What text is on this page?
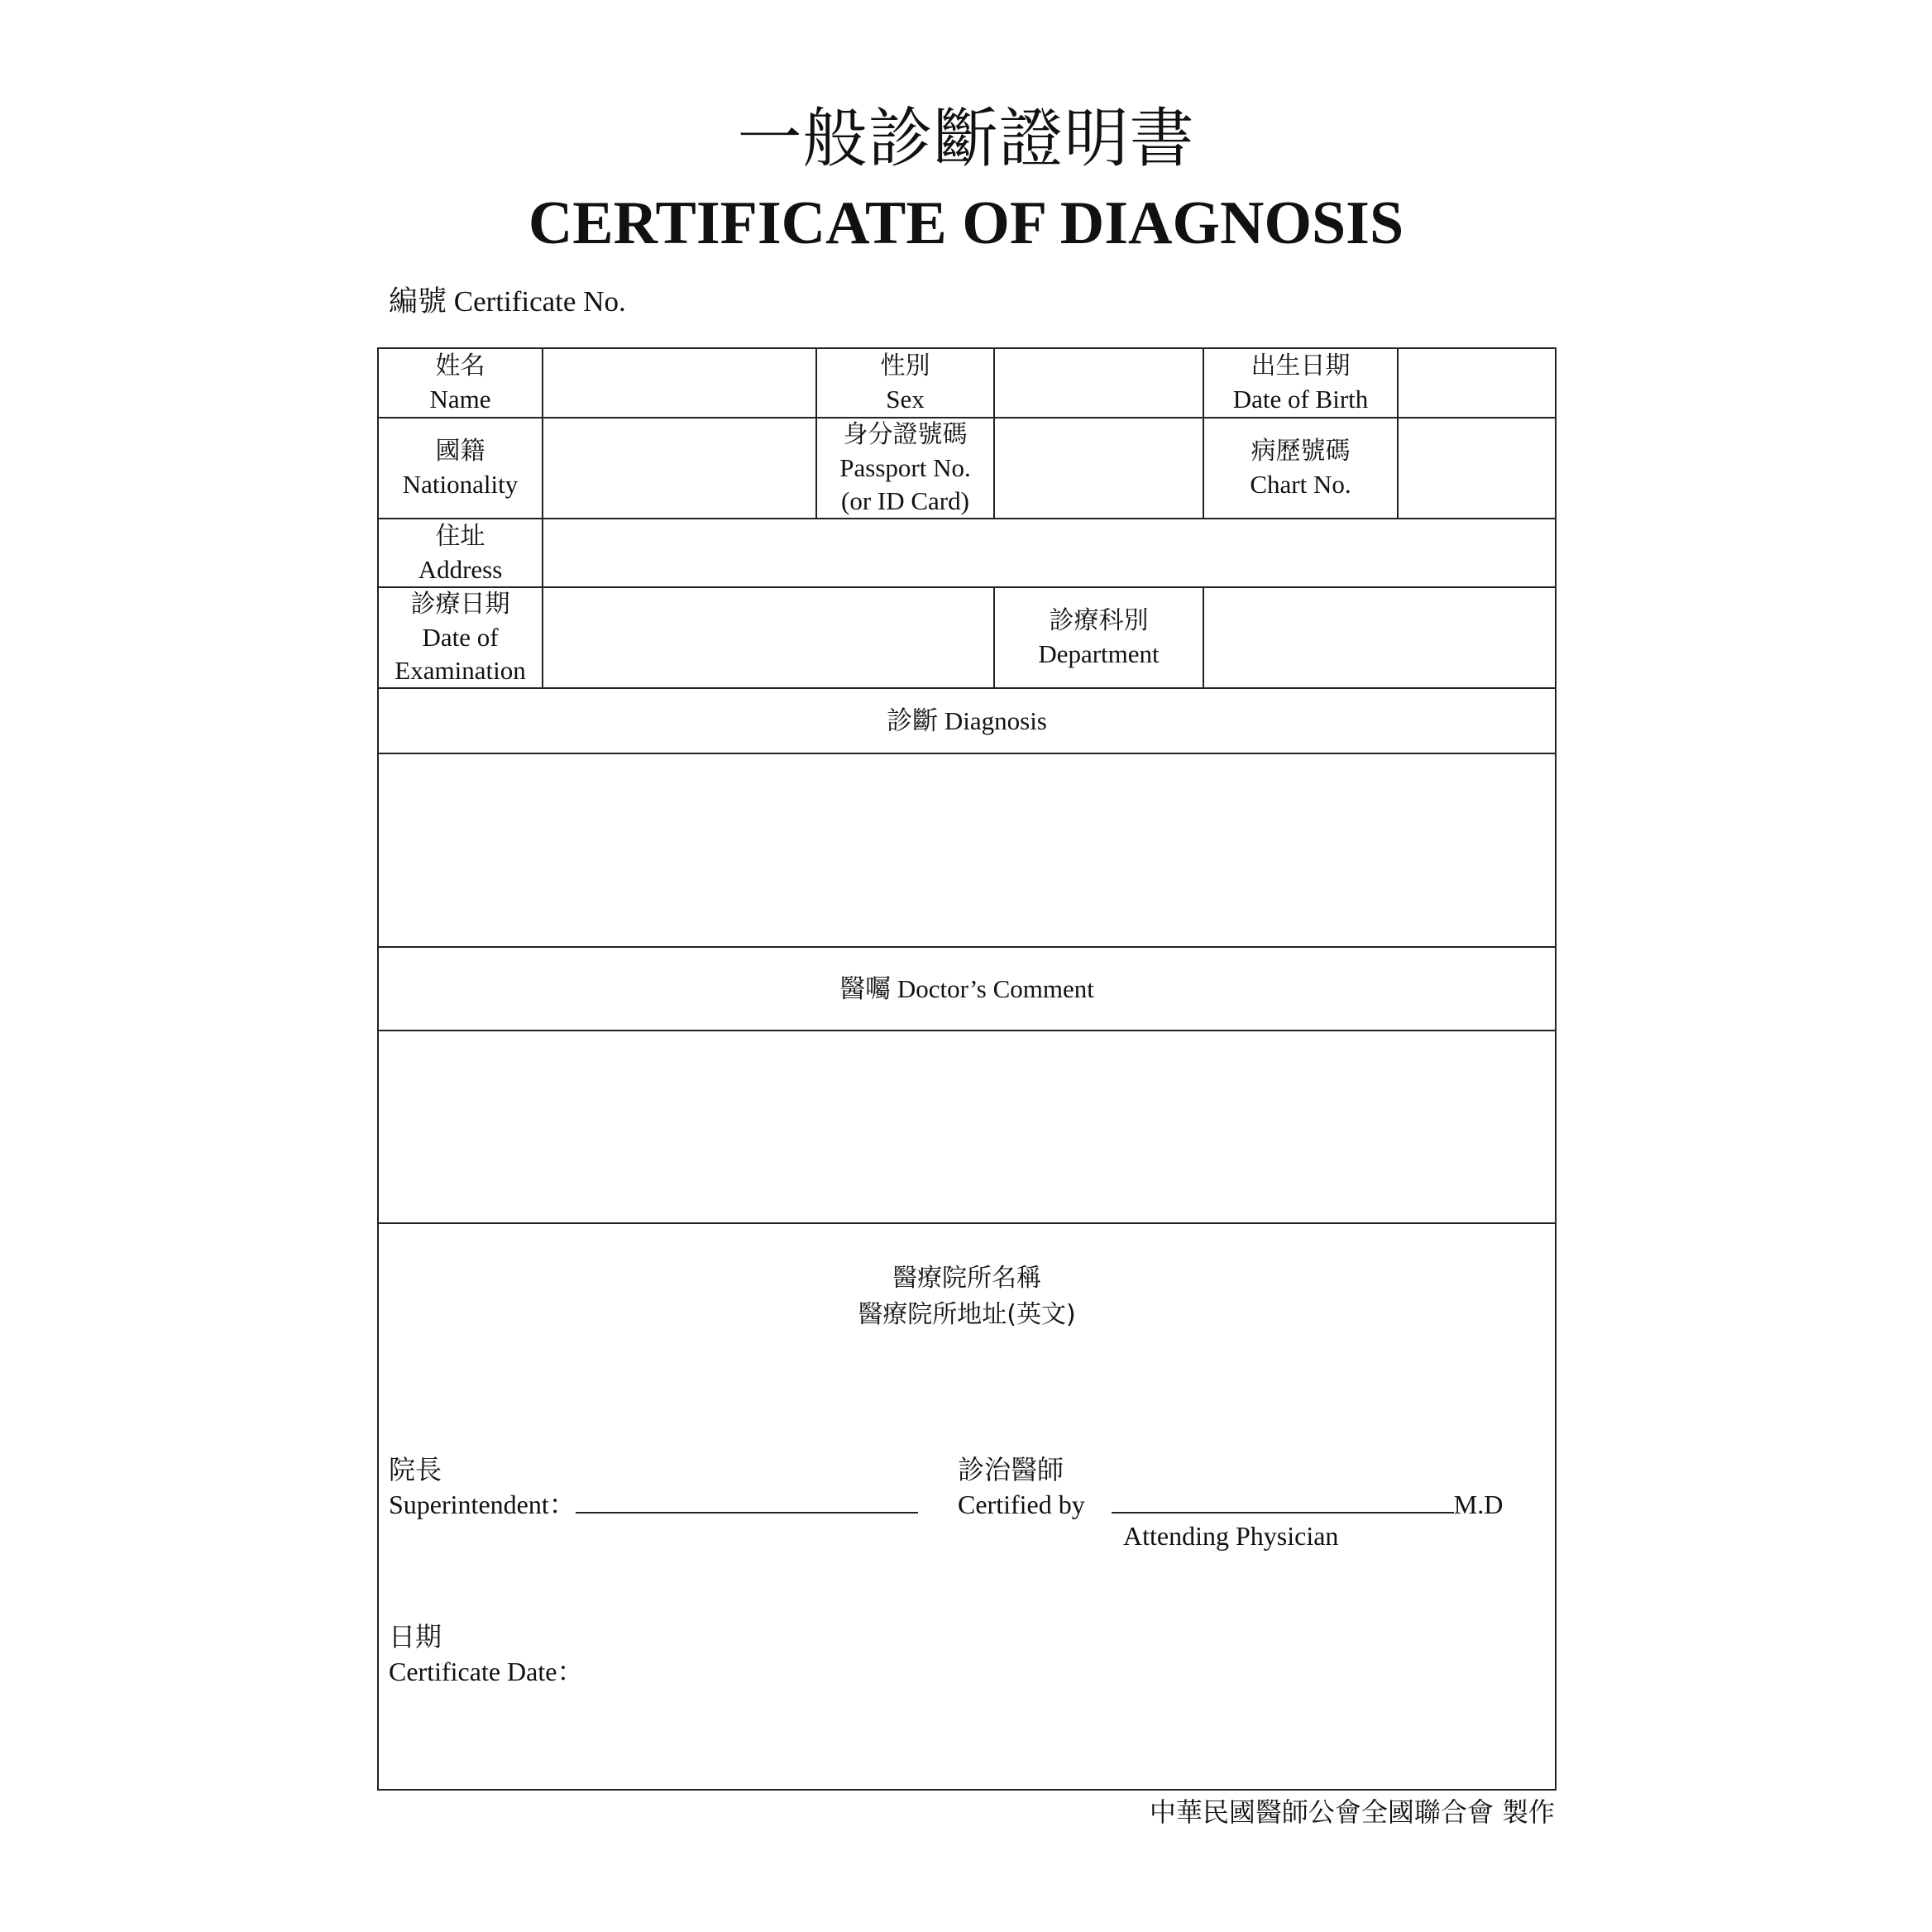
一般診斷證明書
CERTIFICATE OF DIAGNOSIS
編號 Certificate No.
姓名
Name
性別
Sex
出生日期
Date of Birth
國籍
Nationality
身分證號碼
Passport No.
(or ID Card)
病歷號碼
Chart No.
住址
Address
診療日期
Date of
Examination
診療科別
Department
診斷 Diagnosis
醫囑 Doctor’s Comment
醫療院所名稱
醫療院所地址(英文)
院長
Superintendent：
診治醫師
Certified by	M.D
Attending Physician
日期
Certificate Date：
中華民國醫師公會全國聯合會 製作
